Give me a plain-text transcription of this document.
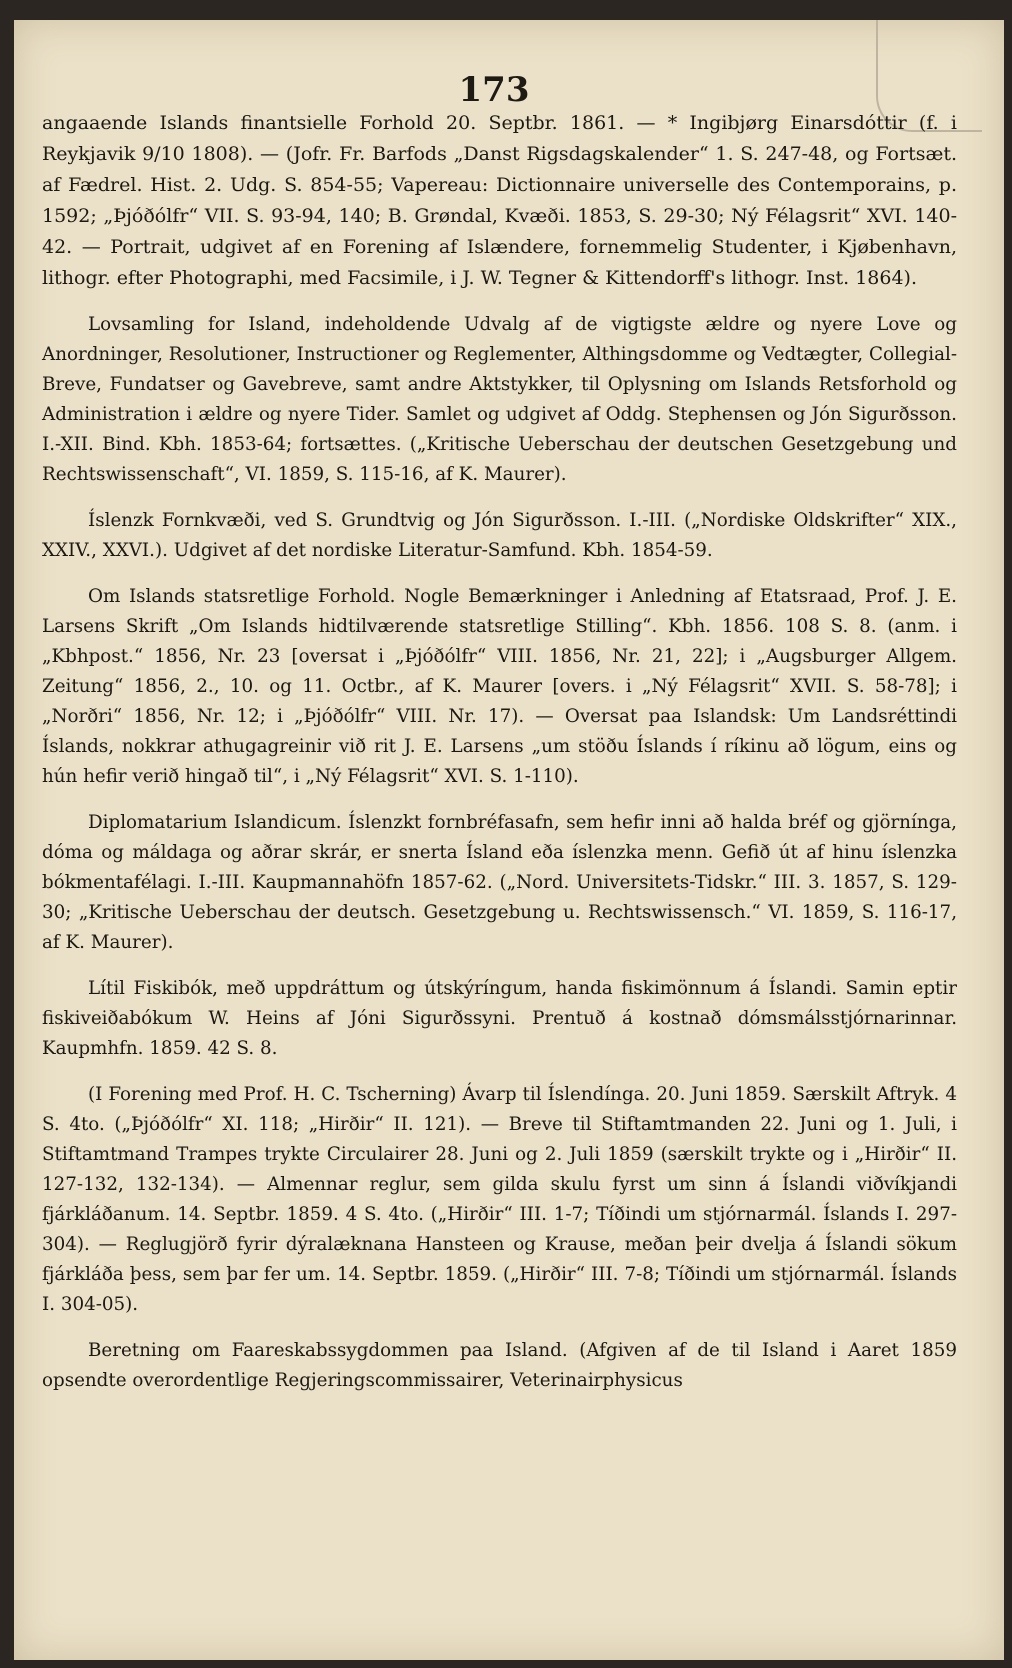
173

angaaende Islands finantsielle Forhold 20. Septbr. 1861. — * Ingibjørg Einarsdóttir (f. i Reykjavik 9/10 1808). — (Jofr. Fr. Barfods „Danst Rigsdagskalender“ 1. S. 247-48, og Fortsæt. af Fædrel. Hist. 2. Udg. S. 854-55; Vapereau: Dictionnaire universelle des Contemporains, p. 1592; „Þjóðólfr“ VII. S. 93-94, 140; B. Grøndal, Kvæði. 1853, S. 29-30; Ný Félagsrit“ XVI. 140-42. — Portrait, udgivet af en Forening af Islændere, fornemmelig Studenter, i Kjøbenhavn, lithogr. efter Photographi, med Facsimile, i J. W. Tegner & Kittendorff's lithogr. Inst. 1864).

Lovsamling for Island, indeholdende Udvalg af de vigtigste ældre og nyere Love og Anordninger, Resolutioner, Instructioner og Reglementer, Althingsdomme og Vedtægter, Collegial-Breve, Fundatser og Gavebreve, samt andre Aktstykker, til Oplysning om Islands Retsforhold og Administration i ældre og nyere Tider. Samlet og udgivet af Oddg. Stephensen og Jón Sigurðsson. I.-XII. Bind. Kbh. 1853-64; fortsættes. („Kritische Ueberschau der deutschen Gesetzgebung und Rechtswissenschaft“, VI. 1859, S. 115-16, af K. Maurer).

Íslenzk Fornkvæði, ved S. Grundtvig og Jón Sigurðsson. I.-III. („Nordiske Oldskrifter“ XIX., XXIV., XXVI.). Udgivet af det nordiske Literatur-Samfund. Kbh. 1854-59.

Om Islands statsretlige Forhold. Nogle Bemærkninger i Anledning af Etatsraad, Prof. J. E. Larsens Skrift „Om Islands hidtilværende statsretlige Stilling“. Kbh. 1856. 108 S. 8. (anm. i „Kbhpost.“ 1856, Nr. 23 [oversat i „Þjóðólfr“ VIII. 1856, Nr. 21, 22]; i „Augsburger Allgem. Zeitung“ 1856, 2., 10. og 11. Octbr., af K. Maurer [overs. i „Ný Félagsrit“ XVII. S. 58-78]; i „Norðri“ 1856, Nr. 12; i „Þjóðólfr“ VIII. Nr. 17). — Oversat paa Islandsk: Um Landsréttindi Íslands, nokkrar athugagreinir við rit J. E. Larsens „um stöðu Íslands í ríkinu að lögum, eins og hún hefir verið hingað til“, i „Ný Félagsrit“ XVI. S. 1-110).

Diplomatarium Islandicum. Íslenzkt fornbréfasafn, sem hefir inni að halda bréf og gjörnínga, dóma og máldaga og aðrar skrár, er snerta Ísland eða íslenzka menn. Gefið út af hinu íslenzka bókmentafélagi. I.-III. Kaupmannahöfn 1857-62. („Nord. Universitets-Tidskr.“ III. 3. 1857, S. 129-30; „Kritische Ueberschau der deutsch. Gesetzgebung u. Rechtswissensch.“ VI. 1859, S. 116-17, af K. Maurer).

Lítil Fiskibók, með uppdráttum og útskýríngum, handa fiskimönnum á Íslandi. Samin eptir fiskiveiðabókum W. Heins af Jóni Sigurðssyni. Prentuð á kostnað dómsmálsstjórnarinnar. Kaupmhfn. 1859. 42 S. 8.

(I Forening med Prof. H. C. Tscherning) Ávarp til Íslendínga. 20. Juni 1859. Særskilt Aftryk. 4 S. 4to. („Þjóðólfr“ XI. 118; „Hirðir“ II. 121). — Breve til Stiftamtmanden 22. Juni og 1. Juli, i Stiftamtmand Trampes trykte Circulairer 28. Juni og 2. Juli 1859 (særskilt trykte og i „Hirðir“ II. 127-132, 132-134). — Almennar reglur, sem gilda skulu fyrst um sinn á Íslandi viðvíkjandi fjárkláðanum. 14. Septbr. 1859. 4 S. 4to. („Hirðir“ III. 1-7; Tíðindi um stjórnarmál. Íslands I. 297-304). — Reglugjörð fyrir dýralæknana Hansteen og Krause, meðan þeir dvelja á Íslandi sökum fjárkláða þess, sem þar fer um. 14. Septbr. 1859. („Hirðir“ III. 7-8; Tíðindi um stjórnarmál. Íslands I. 304-05).

Beretning om Faareskabssygdommen paa Island. (Afgiven af de til Island i Aaret 1859 opsendte overordentlige Regjeringscommissairer, Veterinairphysicus
